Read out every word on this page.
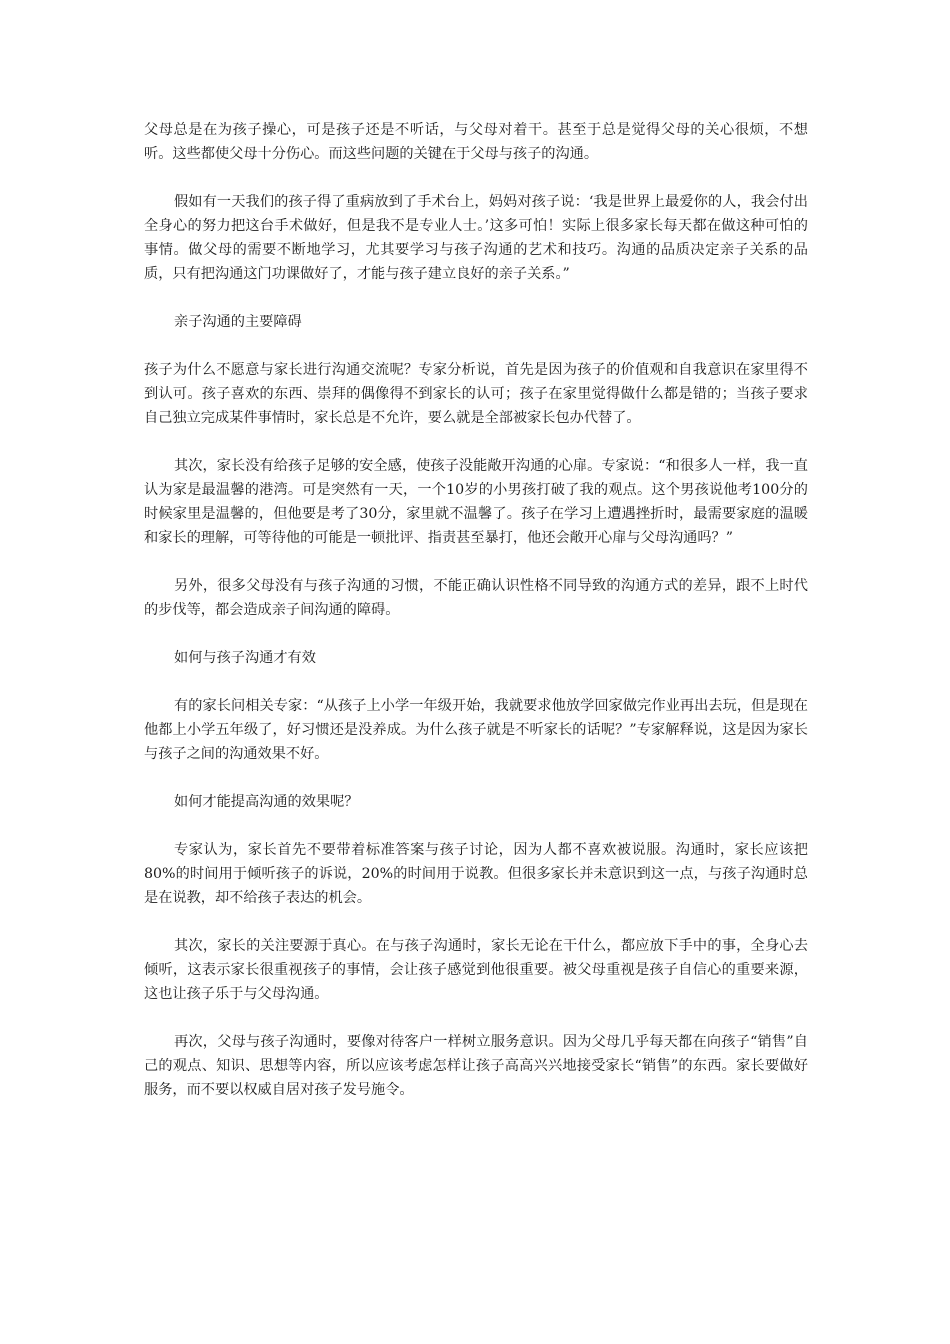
父母总是在为孩子操心，可是孩子还是不听话，与父母对着干。甚至于总是觉得父母的关心很烦，不想听。这些都使父母十分伤心。而这些问题的关键在于父母与孩子的沟通。

假如有一天我们的孩子得了重病放到了手术台上，妈妈对孩子说：‘我是世界上最爱你的人，我会付出全身心的努力把这台手术做好，但是我不是专业人士。’这多可怕！实际上很多家长每天都在做这种可怕的事情。做父母的需要不断地学习，尤其要学习与孩子沟通的艺术和技巧。沟通的品质决定亲子关系的品质，只有把沟通这门功课做好了，才能与孩子建立良好的亲子关系。”

亲子沟通的主要障碍

孩子为什么不愿意与家长进行沟通交流呢？专家分析说，首先是因为孩子的价值观和自我意识在家里得不到认可。孩子喜欢的东西、崇拜的偶像得不到家长的认可；孩子在家里觉得做什么都是错的；当孩子要求自己独立完成某件事情时，家长总是不允许，要么就是全部被家长包办代替了。

其次，家长没有给孩子足够的安全感，使孩子没能敞开沟通的心扉。专家说：“和很多人一样，我一直认为家是最温馨的港湾。可是突然有一天，一个10岁的小男孩打破了我的观点。这个男孩说他考100分的时候家里是温馨的，但他要是考了30分，家里就不温馨了。孩子在学习上遭遇挫折时，最需要家庭的温暖和家长的理解，可等待他的可能是一顿批评、指责甚至暴打，他还会敞开心扉与父母沟通吗？”

另外，很多父母没有与孩子沟通的习惯，不能正确认识性格不同导致的沟通方式的差异，跟不上时代的步伐等，都会造成亲子间沟通的障碍。

如何与孩子沟通才有效

有的家长问相关专家：“从孩子上小学一年级开始，我就要求他放学回家做完作业再出去玩，但是现在他都上小学五年级了，好习惯还是没养成。为什么孩子就是不听家长的话呢？”专家解释说，这是因为家长与孩子之间的沟通效果不好。

如何才能提高沟通的效果呢？

专家认为，家长首先不要带着标准答案与孩子讨论，因为人都不喜欢被说服。沟通时，家长应该把80%的时间用于倾听孩子的诉说，20%的时间用于说教。但很多家长并未意识到这一点，与孩子沟通时总是在说教，却不给孩子表达的机会。

其次，家长的关注要源于真心。在与孩子沟通时，家长无论在干什么，都应放下手中的事，全身心去倾听，这表示家长很重视孩子的事情，会让孩子感觉到他很重要。被父母重视是孩子自信心的重要来源，这也让孩子乐于与父母沟通。

再次，父母与孩子沟通时，要像对待客户一样树立服务意识。因为父母几乎每天都在向孩子“销售”自己的观点、知识、思想等内容，所以应该考虑怎样让孩子高高兴兴地接受家长“销售”的东西。家长要做好服务，而不要以权威自居对孩子发号施令。
